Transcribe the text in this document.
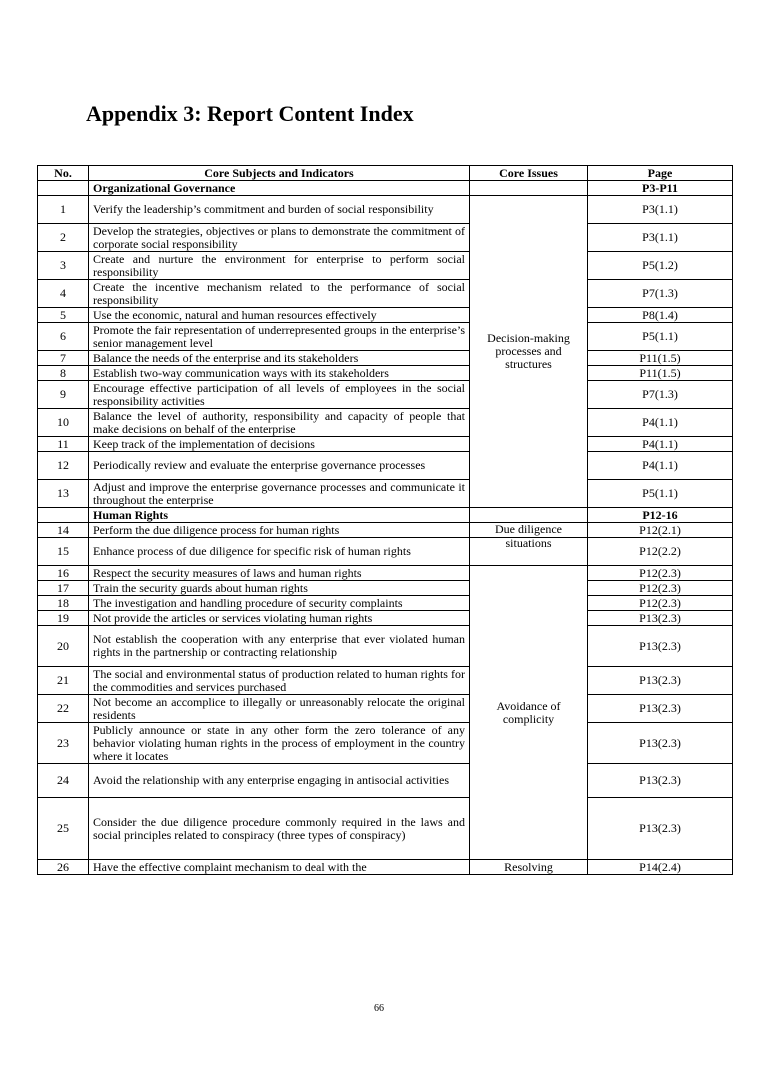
Appendix 3: Report Content Index
No.	Core Subjects and Indicators	Core Issues	Page
	Organizational Governance		P3-P11
1	Verify the leadership’s commitment and burden of social responsibility	Decision-making processes and structures	P3(1.1)
2	Develop the strategies, objectives or plans to demonstrate the commitment of corporate social responsibility		P3(1.1)
3	Create and nurture the environment for enterprise to perform social responsibility		P5(1.2)
4	Create the incentive mechanism related to the performance of social responsibility		P7(1.3)
5	Use the economic, natural and human resources effectively		P8(1.4)
6	Promote the fair representation of underrepresented groups in the enterprise’s senior management level		P5(1.1)
7	Balance the needs of the enterprise and its stakeholders		P11(1.5)
8	Establish two-way communication ways with its stakeholders		P11(1.5)
9	Encourage effective participation of all levels of employees in the social responsibility activities		P7(1.3)
10	Balance the level of authority, responsibility and capacity of people that make decisions on behalf of the enterprise		P4(1.1)
11	Keep track of the implementation of decisions		P4(1.1)
12	Periodically review and evaluate the enterprise governance processes		P4(1.1)
13	Adjust and improve the enterprise governance processes and communicate it throughout the enterprise		P5(1.1)
	Human Rights		P12-16
14	Perform the due diligence process for human rights	Due diligence	P12(2.1)
15	Enhance process of due diligence for specific risk of human rights	situations	P12(2.2)
16	Respect the security measures of laws and human rights	Avoidance of complicity	P12(2.3)
17	Train the security guards about human rights		P12(2.3)
18	The investigation and handling procedure of security complaints		P12(2.3)
19	Not provide the articles or services violating human rights		P13(2.3)
20	Not establish the cooperation with any enterprise that ever violated human rights in the partnership or contracting relationship		P13(2.3)
21	The social and environmental status of production related to human rights for the commodities and services purchased		P13(2.3)
22	Not become an accomplice to illegally or unreasonably relocate the original residents		P13(2.3)
23	Publicly announce or state in any other form the zero tolerance of any behavior violating human rights in the process of employment in the country where it locates		P13(2.3)
24	Avoid the relationship with any enterprise engaging in antisocial activities		P13(2.3)
25	Consider the due diligence procedure commonly required in the laws and social principles related to conspiracy (three types of conspiracy)		P13(2.3)
26	Have the effective complaint mechanism to deal with the	Resolving	P14(2.4)
66
